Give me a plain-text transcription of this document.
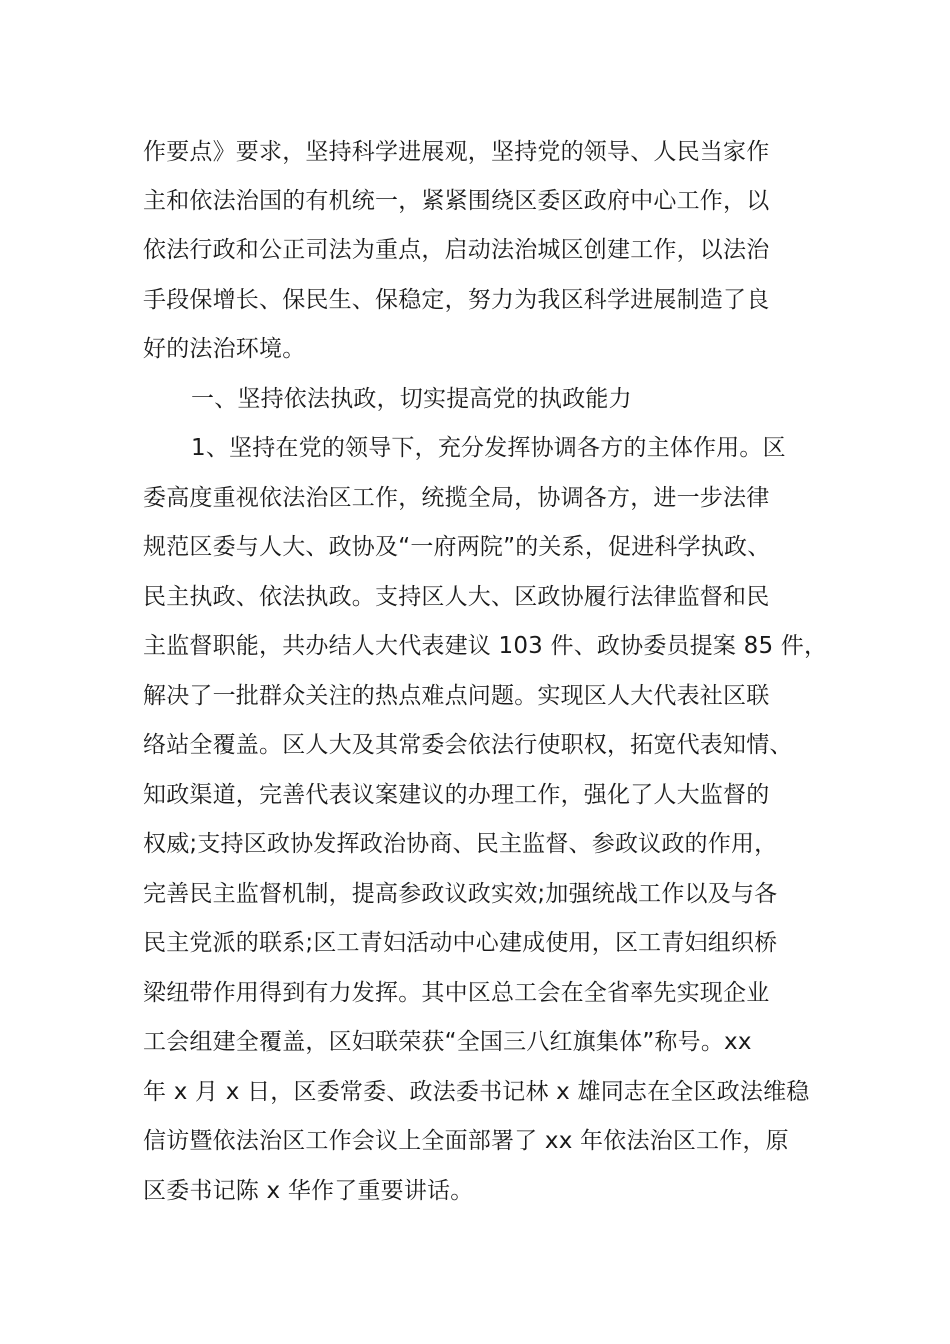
作要点》要求，坚持科学进展观，坚持党的领导、人民当家作

主和依法治国的有机统一，紧紧围绕区委区政府中心工作，以

依法行政和公正司法为重点，启动法治城区创建工作，以法治

手段保增长、保民生、保稳定，努力为我区科学进展制造了良

好的法治环境。

一、坚持依法执政，切实提高党的执政能力

1、坚持在党的领导下，充分发挥协调各方的主体作用。区

委高度重视依法治区工作，统揽全局，协调各方，进一步法律

规范区委与人大、政协及“一府两院”的关系，促进科学执政、

民主执政、依法执政。支持区人大、区政协履行法律监督和民

主监督职能，共办结人大代表建议 103 件、政协委员提案 85 件，

解决了一批群众关注的热点难点问题。实现区人大代表社区联

络站全覆盖。区人大及其常委会依法行使职权，拓宽代表知情、

知政渠道，完善代表议案建议的办理工作，强化了人大监督的

权威;支持区政协发挥政治协商、民主监督、参政议政的作用，

完善民主监督机制，提高参政议政实效;加强统战工作以及与各

民主党派的联系;区工青妇活动中心建成使用，区工青妇组织桥

梁纽带作用得到有力发挥。其中区总工会在全省率先实现企业

工会组建全覆盖，区妇联荣获“全国三八红旗集体”称号。xx

年 x 月 x 日，区委常委、政法委书记林 x 雄同志在全区政法维稳

信访暨依法治区工作会议上全面部署了 xx 年依法治区工作，原

区委书记陈 x 华作了重要讲话。
